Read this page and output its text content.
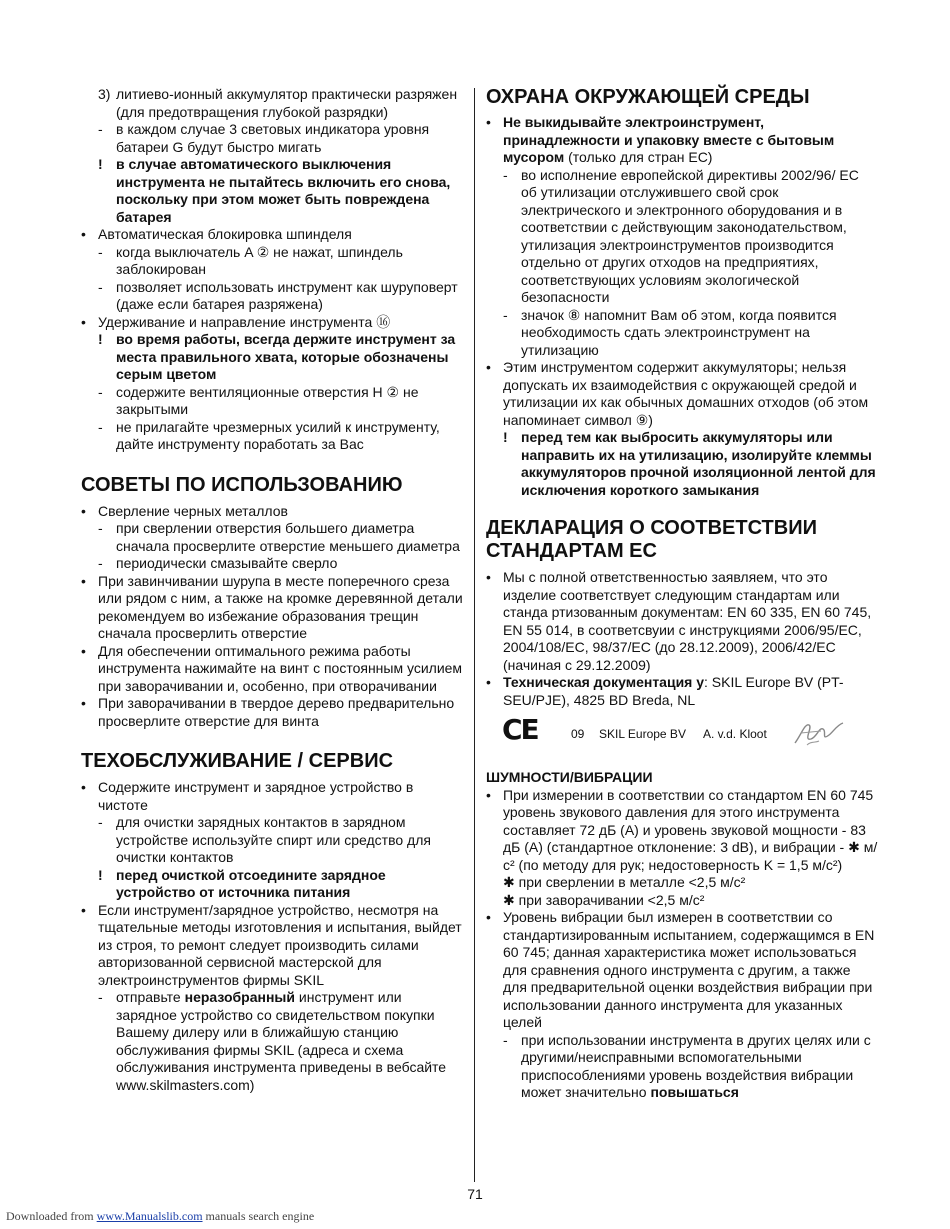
3) литиево-ионный аккумулятор практически разряжен (для предотвращения глубокой разрядки)
- в каждом случае 3 световых индикатора уровня батареи G будут быстро мигать
! в случае автоматического выключения инструмента не пытайтесь включить его снова, поскольку при этом может быть повреждена батарея
• Автоматическая блокировка шпинделя
- когда выключатель A ② не нажат, шпиндель заблокирован
- позволяет использовать инструмент как шуруповерт (даже если батарея разряжена)
• Удерживание и направление инструмента ⑯
! во время работы, всегда держите инструмент за места правильного хвата, которые обозначены серым цветом
- содержите вентиляционные отверстия H ② не закрытыми
- не прилагайте чрезмерных усилий к инструменту, дайте инструменту поработать за Вас
СОВЕТЫ ПО ИСПОЛЬЗОВАНИЮ
• Сверление черных металлов
- при сверлении отверстия большего диаметра сначала просверлите отверстие меньшего диаметра
- периодически смазывайте сверло
• При завинчивании шурупа в месте поперечного среза или рядом с ним, а также на кромке деревянной детали рекомендуем во избежание образования трещин сначала просверлить отверстие
• Для обеспечении оптимального режима работы инструмента нажимайте на винт с постоянным усилием при заворачивании и, особенно, при отворачивании
• При заворачивании в твердое дерево предварительно просверлите отверстие для винта
ТЕХОБСЛУЖИВАНИЕ / СЕРВИС
• Содержите инструмент и зарядное устройство в чистоте
- для очистки зарядных контактов в зарядном устройстве используйте спирт или средство для очистки контактов
! перед очисткой отсоедините зарядное устройство от источника питания
• Если инструмент/зарядное устройство, несмотря на тщательные методы изготовления и испытания, выйдет из строя, то ремонт следует производить силами авторизованной сервисной мастерской для электроинструментов фирмы SKIL
- отправьте неразобранный инструмент или зарядное устройство со свидетельством покупки Вашему дилеру или в ближайшую станцию обслуживания фирмы SKIL (адреса и схема обслуживания инструмента приведены в вебсайте www.skilmasters.com)
ОХРАНА ОКРУЖАЮЩЕЙ СРЕДЫ
• Не выкидывайте электроинструмент, принадлежности и упаковку вместе с бытовым мусором (только для стран ЕС)
- во исполнение европейской директивы 2002/96/ ЕС об утилизации отслужившего свой срок электрического и электронного оборудования и в соответствии с действующим законодательством, утилизация электроинструментов производится отдельно от других отходов на предприятиях, соответствующих условиям экологической безопасности
- значок ⑧ напомнит Вам об этом, когда появится необходимость сдать электроинструмент на утилизацию
• Этим инструментом содержит аккумуляторы; нельзя допускать их взаимодействия с окружающей средой и утилизации их как обычных домашних отходов (об этом напоминает символ ⑨)
! перед тем как выбросить аккумуляторы или направить их на утилизацию, изолируйте клеммы аккумуляторов прочной изоляционной лентой для исключения короткого замыкания
ДЕКЛАРАЦИЯ О СООТВЕТСТВИИ СТАНДАРТАМ ЕС
• Мы с полной ответственностью заявляем, что это изделие соответствует следующим стандартам или станда ртизованным документам: EN 60 335, EN 60 745, EN 55 014, в соответсвуии с инструкциями 2006/95/EC, 2004/108/EC, 98/37/EC (до 28.12.2009), 2006/42/EC (начиная с 29.12.2009)
• Техническая документация у: SKIL Europe BV (PT-SEU/PJE), 4825 BD Breda, NL
CE	09 SKIL Europe BV A. v.d. Kloot
ШУМНОСТИ/ВИБРАЦИИ
• При измерении в соответствии со стандартом EN 60 745 уровень звукового давления для этого инструмента составляет 72 дБ (A) и уровень звуковой мощности - 83 дБ (A) (стандартное отклонение: 3 dB), и вибрации - ✱ м/с² (по методу для рук; недостоверность K = 1,5 м/с²)
✱ при сверлении в металле <2,5 м/с²
✱ при заворачивании <2,5 м/с²
• Уровень вибрации был измерен в соответствии со стандартизированным испытанием, содержащимся в EN 60 745; данная характеристика может использоваться для сравнения одного инструмента с другим, а также для предварительной оценки воздействия вибрации при использовании данного инструмента для указанных целей
- при использовании инструмента в других целях или с другими/неисправными вспомогательными приспособлениями уровень воздействия вибрации может значительно повышаться
71
Downloaded from www.Manualslib.com manuals search engine
